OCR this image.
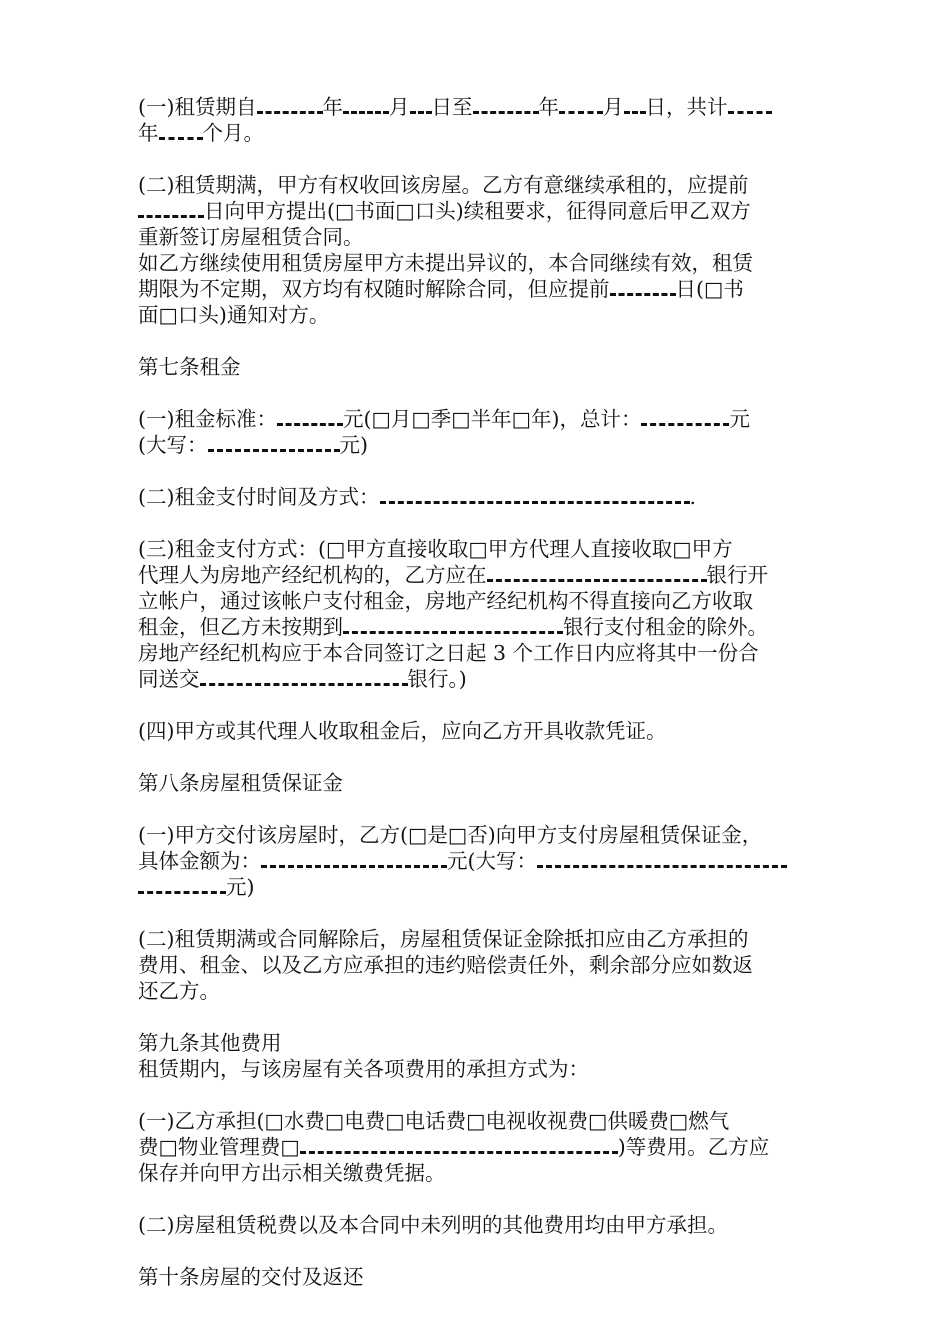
(一)租赁期自	年 月 日至	年 月 日，共计
年 个月。
(二)租赁期满，甲方有权收回该房屋。乙方有意继续承租的，应提前
日向甲方提出(□书面□口头)续租要求，征得同意后甲乙双方
重新签订房屋租赁合同。
如乙方继续使用租赁房屋甲方未提出异议的，本合同继续有效，租赁
期限为不定期，双方均有权随时解除合同，但应提前	日(□书
面□口头)通知对方。
第七条租金
(一)租金标准：	元(□月□季□半年□年)，总计：	元
(大写：	元)
(二)租金支付时间及方式：	.
(三)租金支付方式：(□甲方直接收取□甲方代理人直接收取□甲方
代理人为房地产经纪机构的，乙方应在	银行开
立帐户，通过该帐户支付租金，房地产经纪机构不得直接向乙方收取
租金，但乙方未按期到	银行支付租金的除外。
房地产经纪机构应于本合同签订之日起 3 个工作日内应将其中一份合
同送交	银行。)
(四)甲方或其代理人收取租金后，应向乙方开具收款凭证。
第八条房屋租赁保证金
(一)甲方交付该房屋时，乙方(□是□否)向甲方支付房屋租赁保证金，
具体金额为：	元(大写：
元)
(二)租赁期满或合同解除后，房屋租赁保证金除抵扣应由乙方承担的
费用、租金、以及乙方应承担的违约赔偿责任外，剩余部分应如数返
还乙方。
第九条其他费用
租赁期内，与该房屋有关各项费用的承担方式为：
(一)乙方承担(□水费□电费□电话费□电视收视费□供暖费□燃气
费□物业管理费□	)等费用。乙方应
保存并向甲方出示相关缴费凭据。
(二)房屋租赁税费以及本合同中未列明的其他费用均由甲方承担。
第十条房屋的交付及返还
